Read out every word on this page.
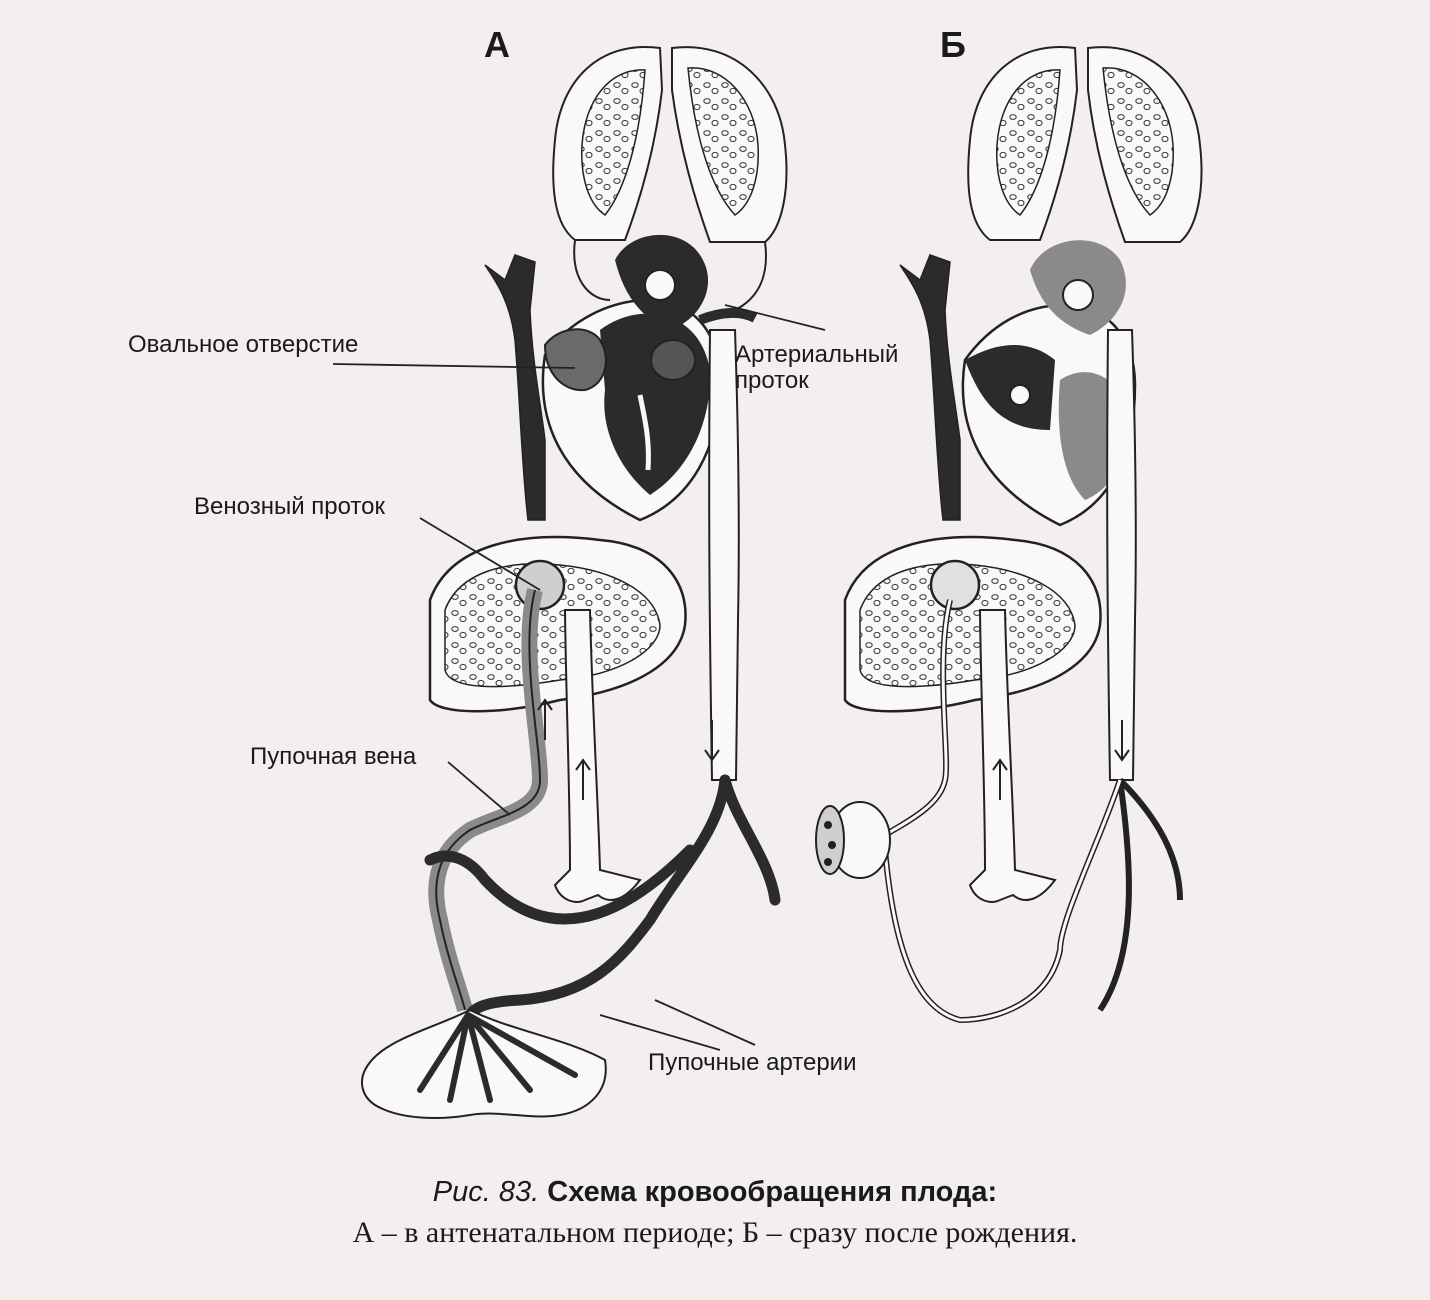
А	Б
Овальное отверстие	Артериальный
проток
Венозный проток
Пупочная вена
Пупочные артерии
Рис. 83. Схема кровообращения плода:
А – в антенатальном периоде; Б – сразу после рождения.
